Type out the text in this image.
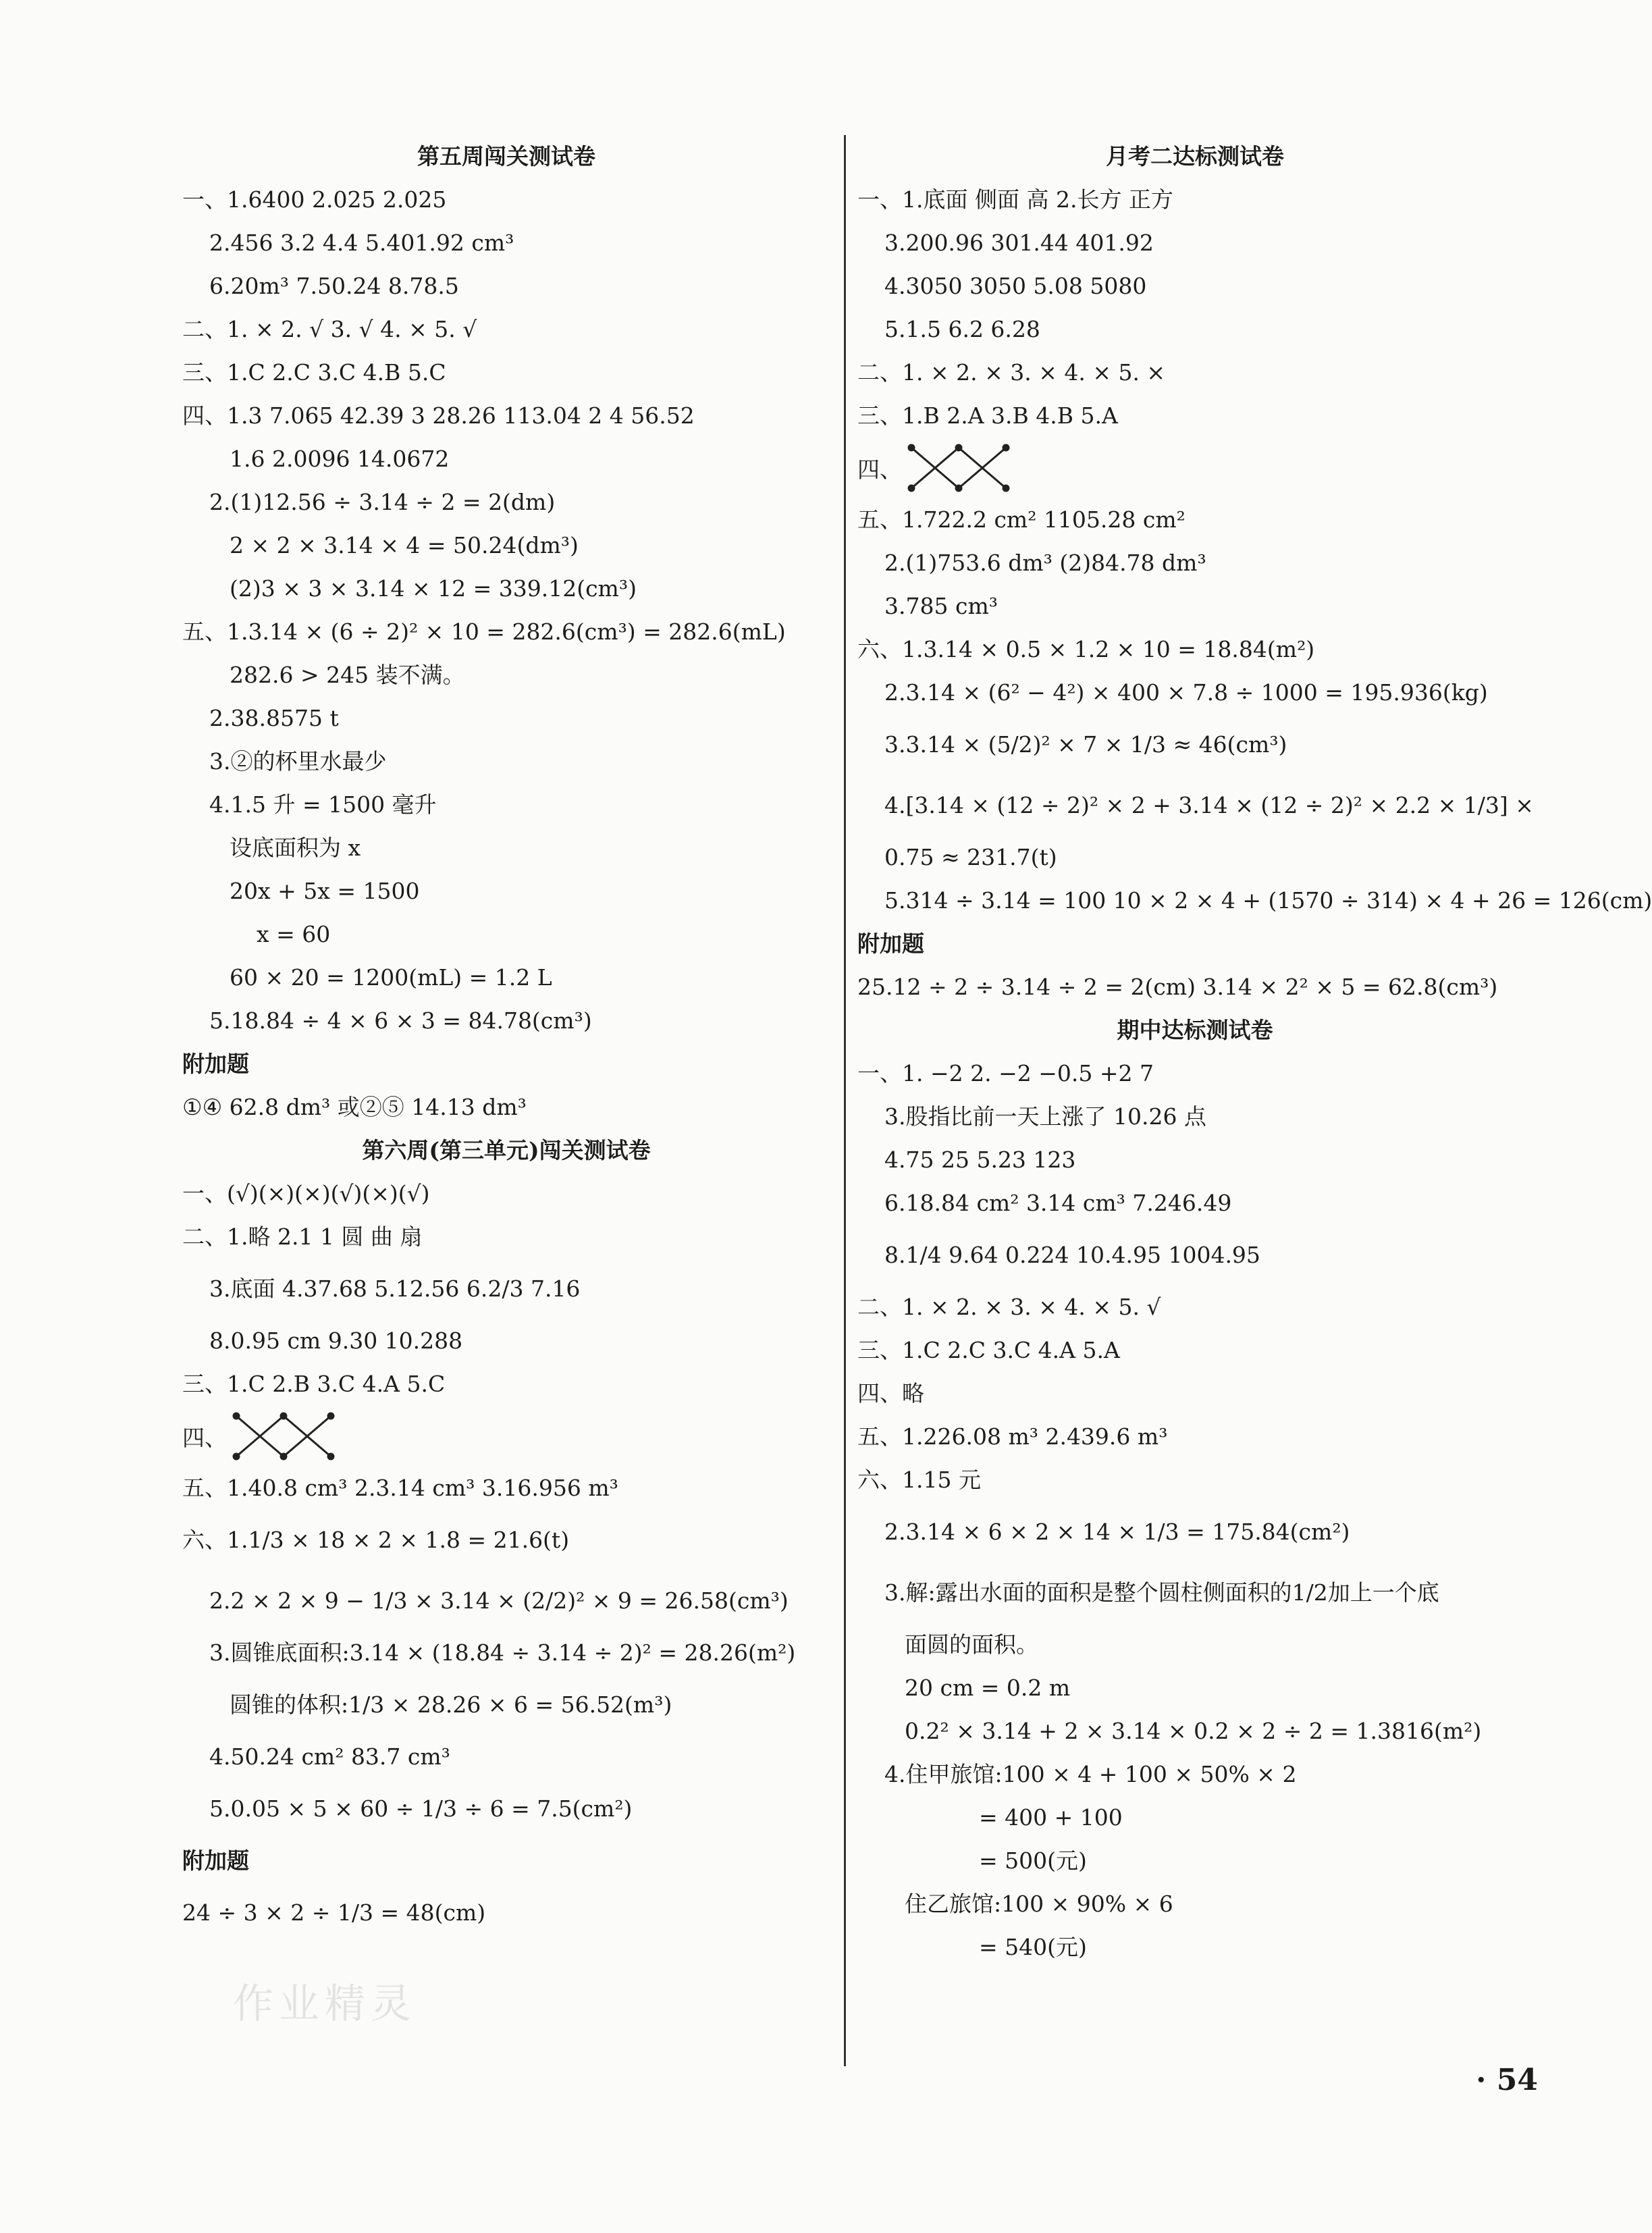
第五周闯关测试卷
一、1.6400 2.025 2.025
2.456 3.2 4.4 5.401.92 cm³
6.20m³ 7.50.24 8.78.5
二、1. × 2. √ 3. √ 4. × 5. √
三、1.C 2.C 3.C 4.B 5.C
四、1.3 7.065 42.39 3 28.26 113.04 2 4 56.52
1.6 2.0096 14.0672
2.(1)12.56 ÷ 3.14 ÷ 2 = 2(dm)
2 × 2 × 3.14 × 4 = 50.24(dm³)
(2)3 × 3 × 3.14 × 12 = 339.12(cm³)
五、1.3.14 × (6 ÷ 2)² × 10 = 282.6(cm³) = 282.6(mL)
282.6 > 245 装不满。
2.38.8575 t
3.②的杯里水最少
4.1.5 升 = 1500 毫升
设底面积为 x
20x + 5x = 1500
x = 60
60 × 20 = 1200(mL) = 1.2 L
5.18.84 ÷ 4 × 6 × 3 = 84.78(cm³)
附加题
①④ 62.8 dm³ 或②⑤ 14.13 dm³
第六周(第三单元)闯关测试卷
一、(√)(×)(×)(√)(×)(√)
二、1.略 2.1 1 圆 曲 扇
3.底面 4.37.68 5.12.56 6.2/3 7.16
8.0.95 cm 9.30 10.288
三、1.C 2.B 3.C 4.A 5.C
四、
五、1.40.8 cm³ 2.3.14 cm³ 3.16.956 m³
六、1.1/3 × 18 × 2 × 1.8 = 21.6(t)
2.2 × 2 × 9 − 1/3 × 3.14 × (2/2)² × 9 = 26.58(cm³)
3.圆锥底面积:3.14 × (18.84 ÷ 3.14 ÷ 2)² = 28.26(m²)
圆锥的体积:1/3 × 28.26 × 6 = 56.52(m³)
4.50.24 cm² 83.7 cm³
5.0.05 × 5 × 60 ÷ 1/3 ÷ 6 = 7.5(cm²)
附加题
24 ÷ 3 × 2 ÷ 1/3 = 48(cm)
月考二达标测试卷
一、1.底面 侧面 高 2.长方 正方
3.200.96 301.44 401.92
4.3050 3050 5.08 5080
5.1.5 6.2 6.28
二、1. × 2. × 3. × 4. × 5. ×
三、1.B 2.A 3.B 4.B 5.A
四、
五、1.722.2 cm² 1105.28 cm²
2.(1)753.6 dm³ (2)84.78 dm³
3.785 cm³
六、1.3.14 × 0.5 × 1.2 × 10 = 18.84(m²)
2.3.14 × (6² − 4²) × 400 × 7.8 ÷ 1000 = 195.936(kg)
3.3.14 × (5/2)² × 7 × 1/3 ≈ 46(cm³)
4.[3.14 × (12 ÷ 2)² × 2 + 3.14 × (12 ÷ 2)² × 2.2 × 1/3] ×
0.75 ≈ 231.7(t)
5.314 ÷ 3.14 = 100 10 × 2 × 4 + (1570 ÷ 314) × 4 + 26 = 126(cm)
附加题
25.12 ÷ 2 ÷ 3.14 ÷ 2 = 2(cm) 3.14 × 2² × 5 = 62.8(cm³)
期中达标测试卷
一、1. −2 2. −2 −0.5 +2 7
3.股指比前一天上涨了 10.26 点
4.75 25 5.23 123
6.18.84 cm² 3.14 cm³ 7.246.49
8.1/4 9.64 0.224 10.4.95 1004.95
二、1. × 2. × 3. × 4. × 5. √
三、1.C 2.C 3.C 4.A 5.A
四、略
五、1.226.08 m³ 2.439.6 m³
六、1.15 元
2.3.14 × 6 × 2 × 14 × 1/3 = 175.84(cm²)
3.解:露出水面的面积是整个圆柱侧面积的1/2加上一个底
面圆的面积。
20 cm = 0.2 m
0.2² × 3.14 + 2 × 3.14 × 0.2 × 2 ÷ 2 = 1.3816(m²)
4.住甲旅馆:100 × 4 + 100 × 50% × 2
= 400 + 100
= 500(元)
住乙旅馆:100 × 90% × 6
= 540(元)
作业精灵
· 54
